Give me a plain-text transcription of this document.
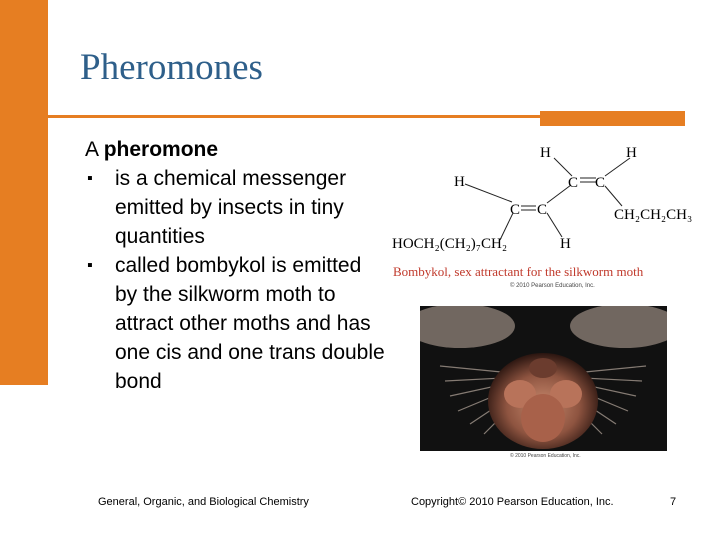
Pheromones
A pheromone
▪ is a chemical messenger emitted by insects in tiny quantities
▪ called bombykol is emitted by the silkworm moth to attract other moths and has one cis and one trans double bond
H	H
H	C C
C C	CH₂CH₂CH₃
HOCH₂(CH₂)₇CH₂	H
Bombykol, sex attractant for the silkworm moth
© 2010 Pearson Education, Inc.
© 2010 Pearson Education, Inc.
General, Organic, and Biological Chemistry	Copyright© 2010 Pearson Education, Inc.	7
